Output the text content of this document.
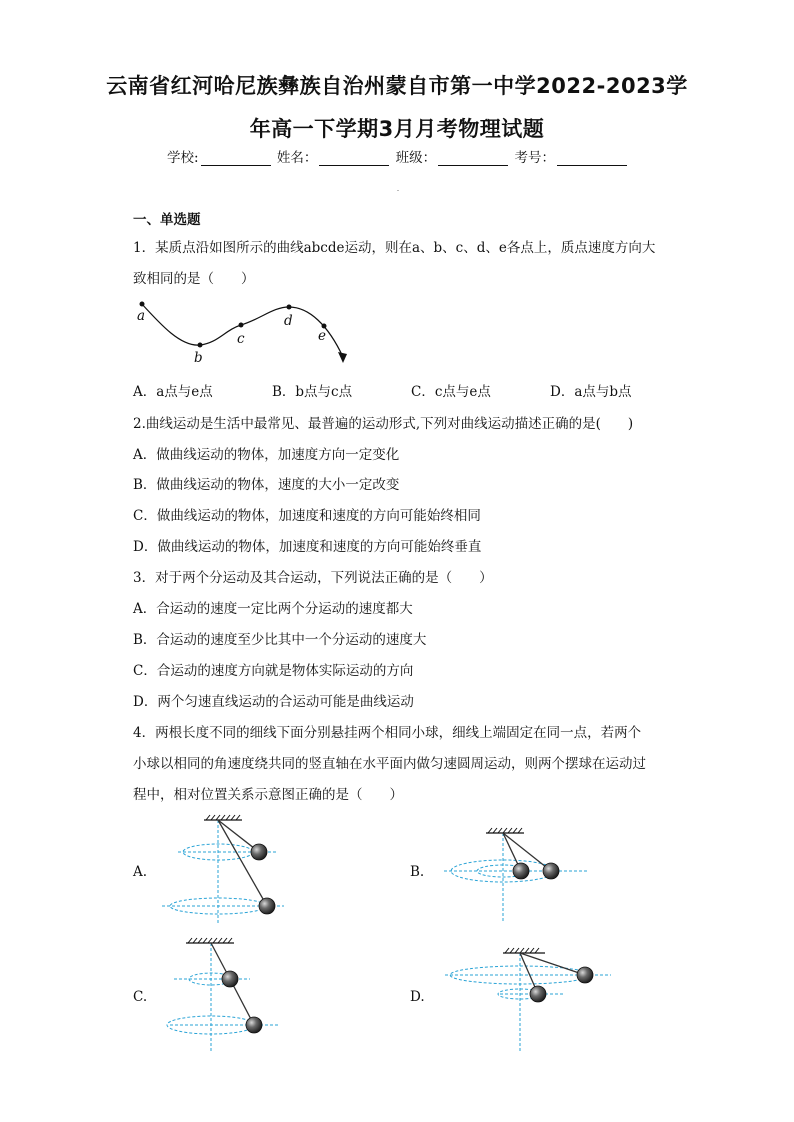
云南省红河哈尼族彝族自治州蒙自市第一中学2022-2023学
年高一下学期3月月考物理试题
学校:	姓名：	班级：	考号：
一、单选题
1．某质点沿如图所示的曲线abcde运动，则在a、b、c、d、e各点上，质点速度方向大
致相同的是（　　）
a
b
c
d
e
A．a点与e点	B．b点与c点	C．c点与e点	D．a点与b点
2.曲线运动是生活中最常见、最普遍的运动形式,下列对曲线运动描述正确的是(　　)
A．做曲线运动的物体，加速度方向一定变化
B．做曲线运动的物体，速度的大小一定改变
C．做曲线运动的物体，加速度和速度的方向可能始终相同
D．做曲线运动的物体，加速度和速度的方向可能始终垂直
3．对于两个分运动及其合运动，下列说法正确的是（　　）
A．合运动的速度一定比两个分运动的速度都大
B．合运动的速度至少比其中一个分运动的速度大
C．合运动的速度方向就是物体实际运动的方向
D．两个匀速直线运动的合运动可能是曲线运动
4．两根长度不同的细线下面分别悬挂两个相同小球，细线上端固定在同一点，若两个
小球以相同的角速度绕共同的竖直轴在水平面内做匀速圆周运动，则两个摆球在运动过
程中，相对位置关系示意图正确的是（　　）
A.	B.
C.	D.
